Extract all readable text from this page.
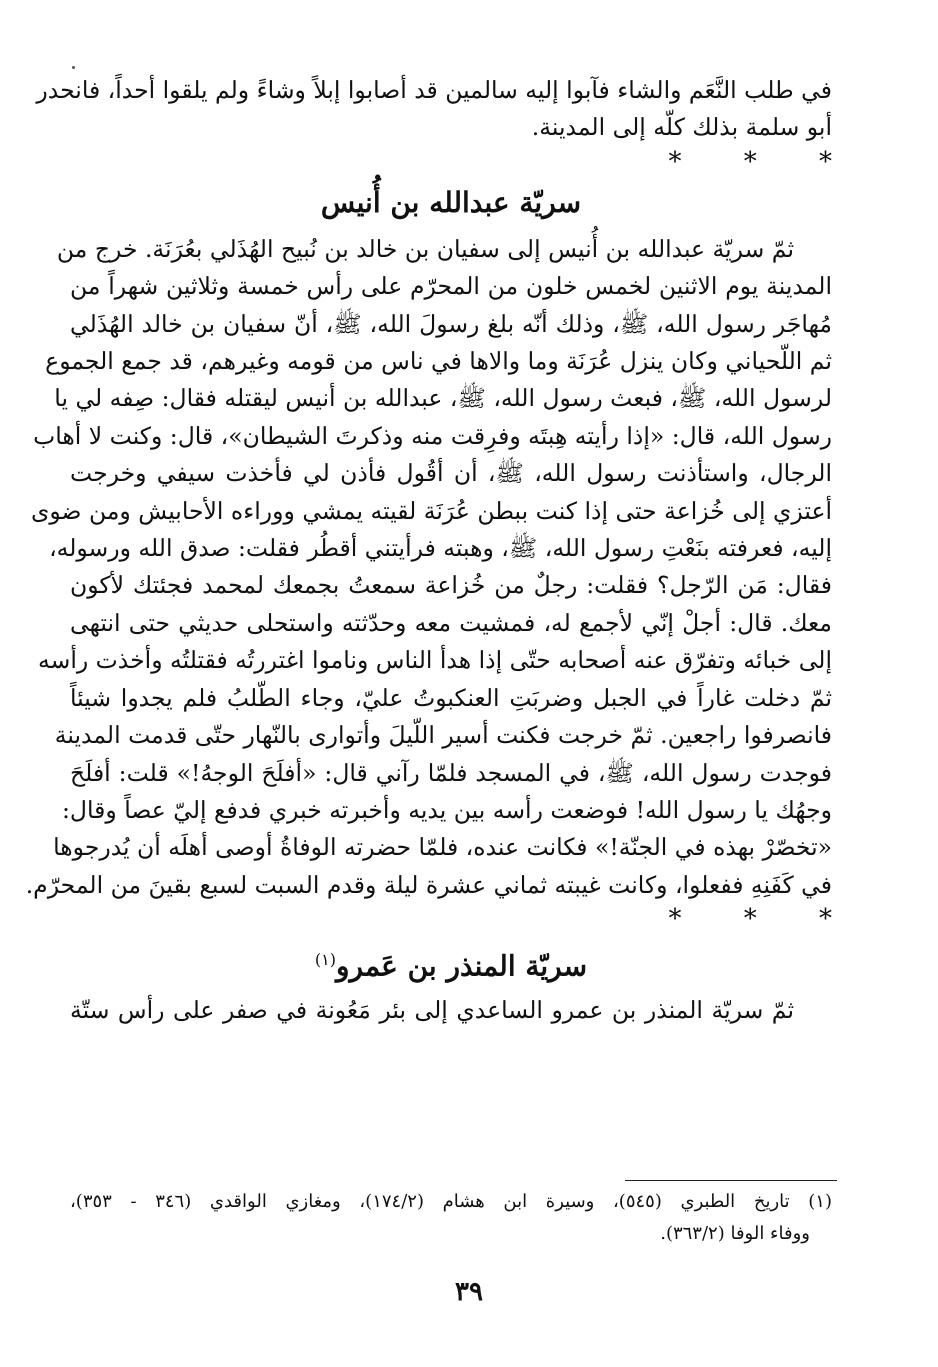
في طلب النَّعَم والشاء فآبوا إليه سالمين قد أصابوا إبلاً وشاءً ولم يلقوا أحداً، فانحدر
أبو سلمة بذلك كلّه إلى المدينة.

* * *

سريّة عبدالله بن أُنيس

ثمّ سريّة عبدالله بن أُنيس إلى سفيان بن خالد بن نُبيح الهُذَلي بعُرَنَة. خرج من
المدينة يوم الاثنين لخمس خلون من المحرّم على رأس خمسة وثلاثين شهراً من
مُهاجَر رسول الله، ﷺ، وذلك أنّه بلغ رسولَ الله، ﷺ، أنّ سفيان بن خالد الهُذَلي
ثم اللّحياني وكان ينزل عُرَنَة وما والاها في ناس من قومه وغيرهم، قد جمع الجموع
لرسول الله، ﷺ، فبعث رسول الله، ﷺ، عبدالله بن أنيس ليقتله فقال: صِفه لي يا
رسول الله، قال: «إذا رأيته هِبتَه وفرِقت منه وذكرتَ الشيطان»، قال: وكنت لا أهاب
الرجال، واستأذنت رسول الله، ﷺ، أن أقُول فأذن لي فأخذت سيفي وخرجت
أعتزي إلى خُزاعة حتى إذا كنت ببطن عُرَنَة لقيته يمشي ووراءه الأحابيش ومن ضوى
إليه، فعرفته بنَعْتِ رسول الله، ﷺ، وهبته فرأيتني أقطُر فقلت: صدق الله ورسوله،
فقال: مَن الرّجل؟ فقلت: رجلٌ من خُزاعة سمعتُ بجمعك لمحمد فجئتك لأكون
معك. قال: أجلْ إنّي لأجمع له، فمشيت معه وحدّثته واستحلى حديثي حتى انتهى
إلى خبائه وتفرّق عنه أصحابه حتّى إذا هدأ الناس وناموا اغتررتُه فقتلتُه وأخذت رأسه
ثمّ دخلت غاراً في الجبل وضربَتِ العنكبوتُ عليّ، وجاء الطّلبُ فلم يجدوا شيئاً
فانصرفوا راجعين. ثمّ خرجت فكنت أسير اللّيلَ وأتوارى بالنّهار حتّى قدمت المدينة
فوجدت رسول الله، ﷺ، في المسجد فلمّا رآني قال: «أفلَحَ الوجهُ!» قلت: أفلَحَ
وجهُك يا رسول الله! فوضعت رأسه بين يديه وأخبرته خبري فدفع إليّ عصاً وقال:
«تخصّرْ بهذه في الجنّة!» فكانت عنده، فلمّا حضرته الوفاةُ أوصى أهلَه أن يُدرجوها
في كَفَنِهِ ففعلوا، وكانت غيبته ثماني عشرة ليلة وقدم السبت لسبع بقينَ من المحرّم.

* * *

سريّة المنذر بن عَمرو$^{(١)}$

ثمّ سريّة المنذر بن عمرو الساعدي إلى بئر مَعُونة في صفر على رأس ستّة

(١) تاريخ الطبري (٥٤٥)، وسيرة ابن هشام (١٧٤/٢)، ومغازي الواقدي (٣٤٦ - ٣٥٣)،
ووفاء الوفا (٣٦٣/٢).
٣٩
